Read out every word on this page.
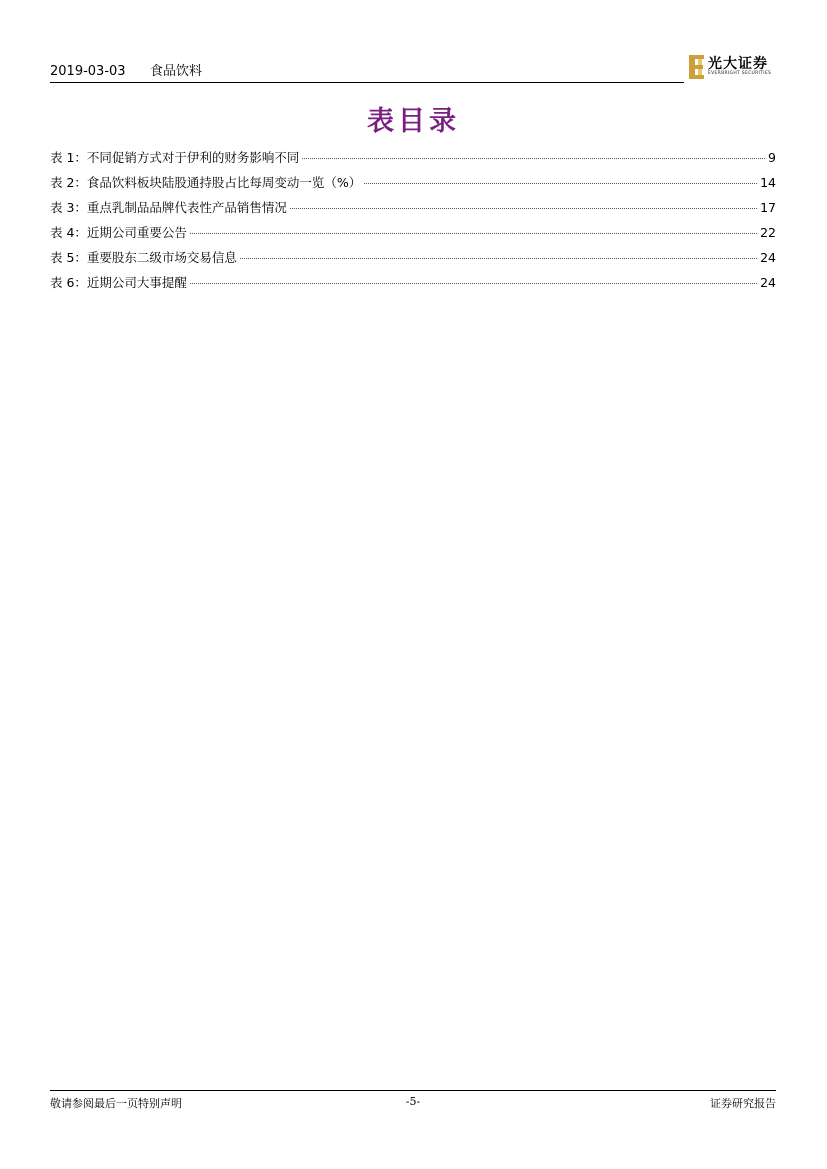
2019-03-03 食品饮料	光大证券
EVERBRIGHT SECURITIES
表目录
表 1：不同促销方式对于伊利的财务影响不同	9
表 2：食品饮料板块陆股通持股占比每周变动一览（%）	14
表 3：重点乳制品品牌代表性产品销售情况	17
表 4：近期公司重要公告	22
表 5：重要股东二级市场交易信息	24
表 6：近期公司大事提醒	24
敬请参阅最后一页特别声明	-5-	证券研究报告
